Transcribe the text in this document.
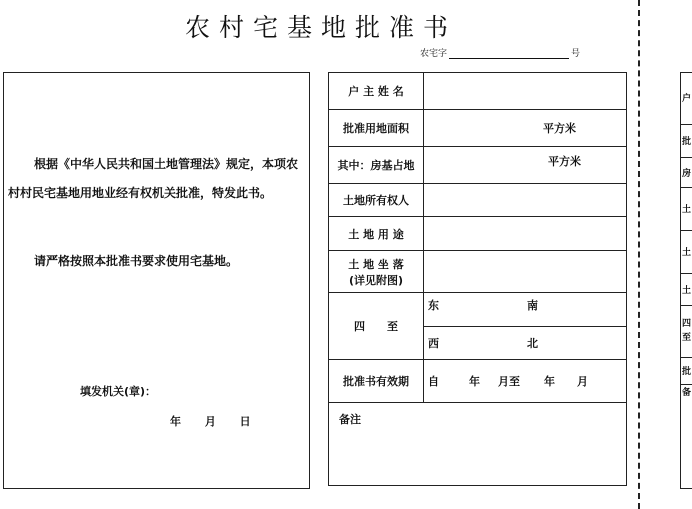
农村宅基地批准书
农宅字	号
根据《中华人民共和国土地管理法》规定，本项农村村民宅基地用地业经有权机关批准，特发此书。
请严格按照本批准书要求使用宅基地。
填发机关(章)：
年 月 日
户 主 姓 名	
批准用地面积	平方米
其中：房基占地	平方米
土地所有权人	
土 地 用 途	

土 地 坐 落
(详见附图)	

四　　至	东 南
	西 北
批准书有效期	自 年 月至 年 月
备注	
户
批
房
土
土
土
四
至
批
备
